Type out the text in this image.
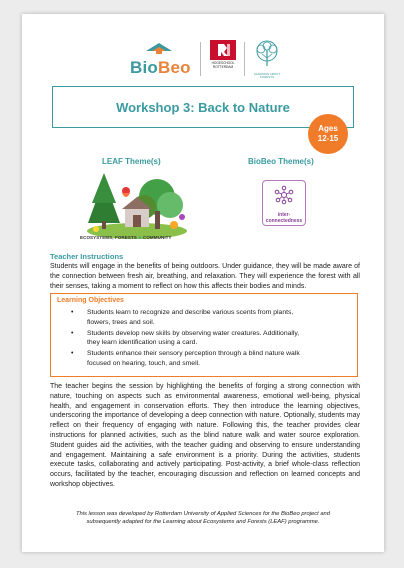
BioBeo	HOGESCHOOL ROTTERDAM
LEARNING ABOUT FORESTS
Workshop 3: Back to Nature
Ages
12-15
LEAF Theme(s)	BioBeo Theme(s)
ECOSYSTEMS, FORESTS & COMMUNITY
inter-
connectedness
Teacher Instructions
Students will engage in the benefits of being outdoors. Under guidance, they will be made aware of the connection between fresh air, breathing, and relaxation. They will experience the forest with all their senses, taking a moment to reflect on how this affects their bodies and minds.
Learning Objectives
• Students learn to recognize and describe various scents from plants, flowers, trees and soil.
• Students develop new skills by observing water creatures. Additionally, they learn identification using a card.
• Students enhance their sensory perception through a blind nature walk focused on hearing, touch, and smell.
The teacher begins the session by highlighting the benefits of forging a strong connection with nature, touching on aspects such as environmental awareness, emotional well-being, physical health, and engagement in conservation efforts. They then introduce the learning objectives, underscoring the importance of developing a deep connection with nature. Optionally, students may reflect on their frequency of engaging with nature. Following this, the teacher provides clear instructions for planned activities, such as the blind nature walk and water source exploration. Student guides aid the activities, with the teacher guiding and observing to ensure understanding and engagement. Maintaining a safe environment is a priority. During the activities, students execute tasks, collaborating and actively participating. Post-activity, a brief whole-class reflection occurs, facilitated by the teacher, encouraging discussion and reflection on learned concepts and workshop objectives.
This lesson was developed by Rotterdam University of Applied Sciences for the BioBeo project and subsequently adapted for the Learning about Ecosystems and Forests (LEAF) programme.
